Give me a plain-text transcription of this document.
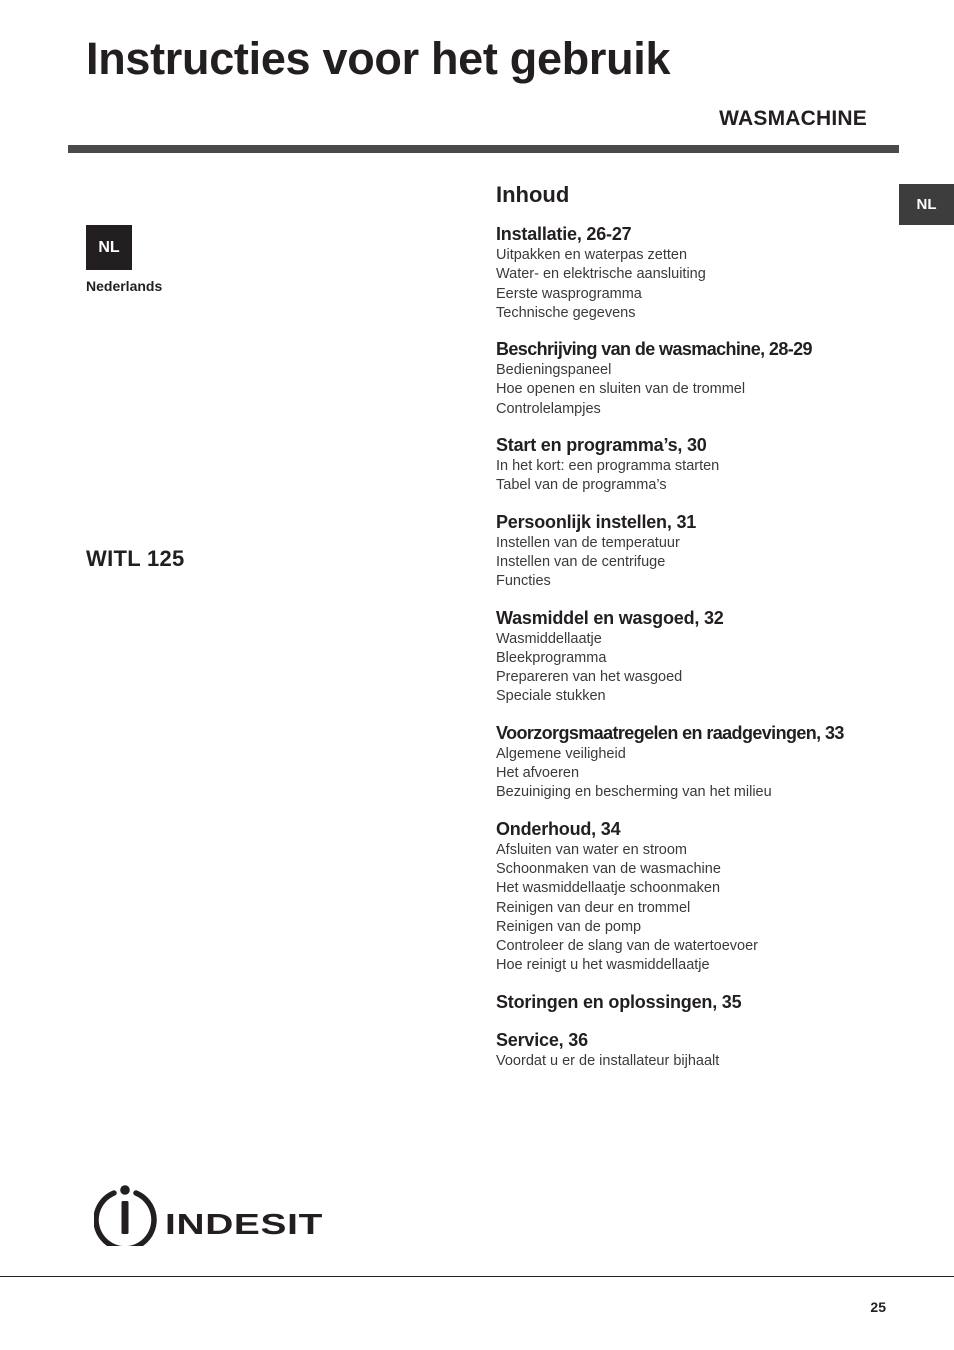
Instructies voor het gebruik
WASMACHINE
NL
Nederlands
WITL 125
NL
Inhoud
Installatie, 26-27
Uitpakken en waterpas zetten
Water- en elektrische aansluiting
Eerste wasprogramma
Technische gegevens
Beschrijving van de wasmachine, 28-29
Bedieningspaneel
Hoe openen en sluiten van de trommel
Controlelampjes
Start en programma’s, 30
In het kort: een programma starten
Tabel van de programma’s
Persoonlijk instellen, 31
Instellen van de temperatuur
Instellen van de centrifuge
Functies
Wasmiddel en wasgoed, 32
Wasmiddellaatje
Bleekprogramma
Prepareren van het wasgoed
Speciale stukken
Voorzorgsmaatregelen en raadgevingen, 33
Algemene veiligheid
Het afvoeren
Bezuiniging en bescherming van het milieu
Onderhoud, 34
Afsluiten van water en stroom
Schoonmaken van de wasmachine
Het wasmiddellaatje schoonmaken
Reinigen van deur en trommel
Reinigen van de pomp
Controleer de slang van de watertoevoer
Hoe reinigt u het wasmiddellaatje
Storingen en oplossingen, 35
Service, 36
Voordat u er de installateur bijhaalt
indesit
25
